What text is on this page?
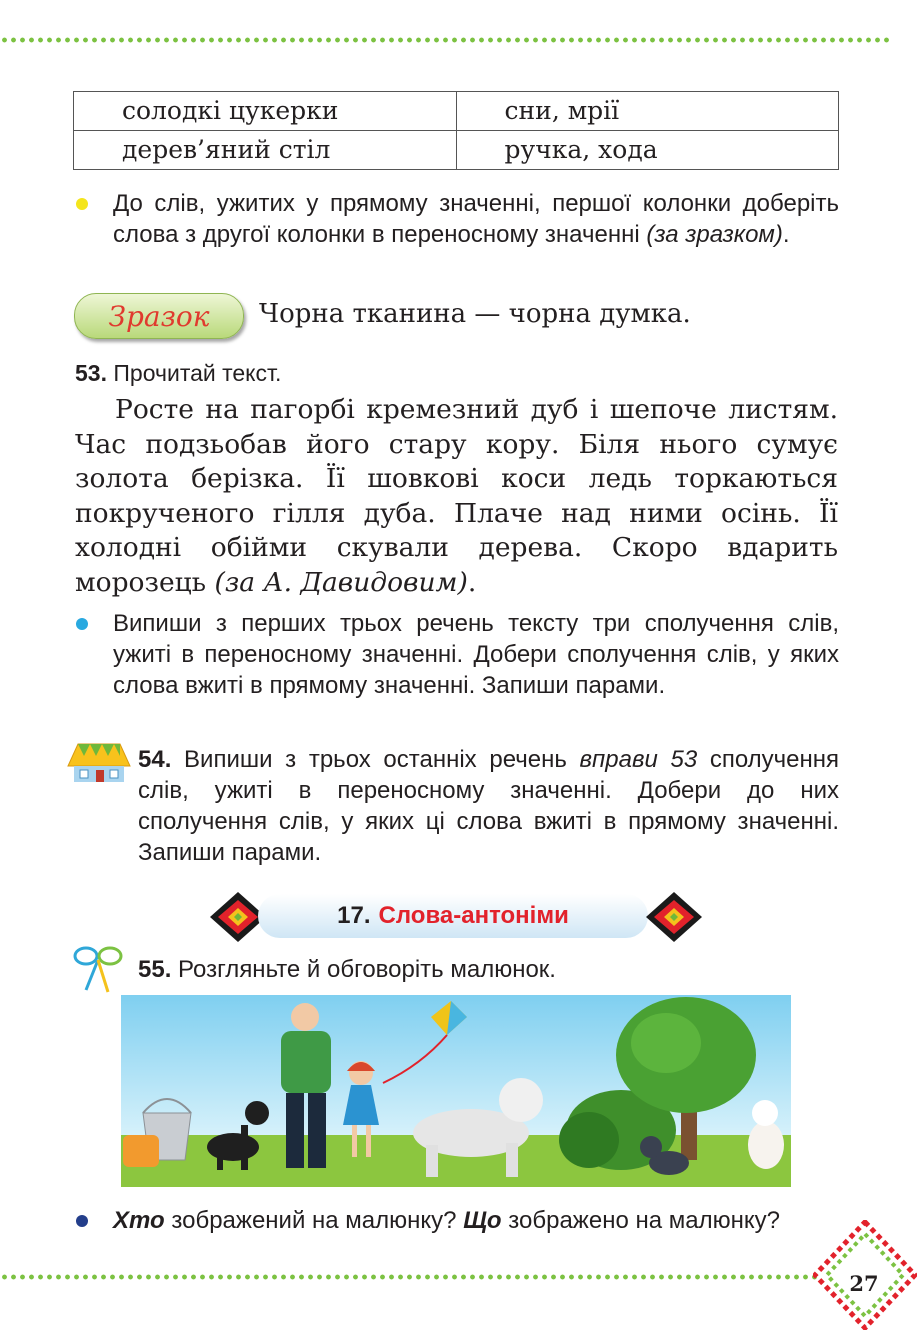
солодкі цукерки	сни, мрії
дерев’яний стіл	ручка, хода
До слів, ужитих у прямому значенні, першої колонки доберіть слова з другої колонки в переносному значенні (за зразком).
Зразок Чорна тканина — чорна думка.
53. Прочитай текст.
Росте на пагорбі кремезний дуб і шепоче листям. Час подзьобав його стару кору. Біля нього сумує золота берізка. Її шовкові коси ледь торкаються покрученого гілля дуба. Плаче над ними осінь. Її холодні обійми скували дерева. Скоро вдарить морозець (за А. Давидовим).
Випиши з перших трьох речень тексту три сполучення слів, ужиті в переносному значенні. Добери сполучення слів, у яких слова вжиті в прямому значенні. Запиши парами.
54. Випиши з трьох останніх речень вправи 53 сполучення слів, ужиті в переносному значенні. Добери до них сполучення слів, у яких ці слова вжиті в прямому значенні. Запиши парами.
17. Слова-антоніми
55. Розгляньте й обговоріть малюнок.
Хто зображений на малюнку? Що зображено на малюнку?
27
